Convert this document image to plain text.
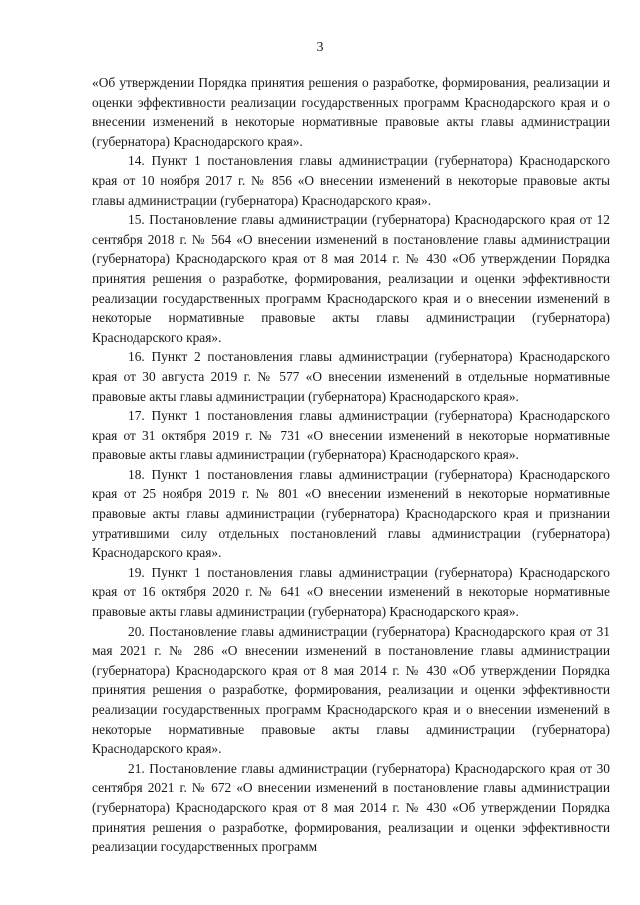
3

«Об утверждении Порядка принятия решения о разработке, формирования, реализации и оценки эффективности реализации государственных программ Краснодарского края и о внесении изменений в некоторые нормативные правовые акты главы администрации (губернатора) Краснодарского края».

14. Пункт 1 постановления главы администрации (губернатора) Краснодарского края от 10 ноября 2017 г. № 856 «О внесении изменений в некоторые правовые акты главы администрации (губернатора) Краснодарского края».

15. Постановление главы администрации (губернатора) Краснодарского края от 12 сентября 2018 г. № 564 «О внесении изменений в постановление главы администрации (губернатора) Краснодарского края от 8 мая 2014 г. № 430 «Об утверждении Порядка принятия решения о разработке, формирования, реализации и оценки эффективности реализации государственных программ Краснодарского края и о внесении изменений в некоторые нормативные правовые акты главы администрации (губернатора) Краснодарского края».

16. Пункт 2 постановления главы администрации (губернатора) Краснодарского края от 30 августа 2019 г. № 577 «О внесении изменений в отдельные нормативные правовые акты главы администрации (губернатора) Краснодарского края».

17. Пункт 1 постановления главы администрации (губернатора) Краснодарского края от 31 октября 2019 г. № 731 «О внесении изменений в некоторые нормативные правовые акты главы администрации (губернатора) Краснодарского края».

18. Пункт 1 постановления главы администрации (губернатора) Краснодарского края от 25 ноября 2019 г. № 801 «О внесении изменений в некоторые нормативные правовые акты главы администрации (губернатора) Краснодарского края и признании утратившими силу отдельных постановлений главы администрации (губернатора) Краснодарского края».

19. Пункт 1 постановления главы администрации (губернатора) Краснодарского края от 16 октября 2020 г. № 641 «О внесении изменений в некоторые нормативные правовые акты главы администрации (губернатора) Краснодарского края».

20. Постановление главы администрации (губернатора) Краснодарского края от 31 мая 2021 г. № 286 «О внесении изменений в постановление главы администрации (губернатора) Краснодарского края от 8 мая 2014 г. № 430 «Об утверждении Порядка принятия решения о разработке, формирования, реализации и оценки эффективности реализации государственных программ Краснодарского края и о внесении изменений в некоторые нормативные правовые акты главы администрации (губернатора) Краснодарского края».

21. Постановление главы администрации (губернатора) Краснодарского края от 30 сентября 2021 г. № 672 «О внесении изменений в постановление главы администрации (губернатора) Краснодарского края от 8 мая 2014 г. № 430 «Об утверждении Порядка принятия решения о разработке, формирования, реализации и оценки эффективности реализации государственных программ
